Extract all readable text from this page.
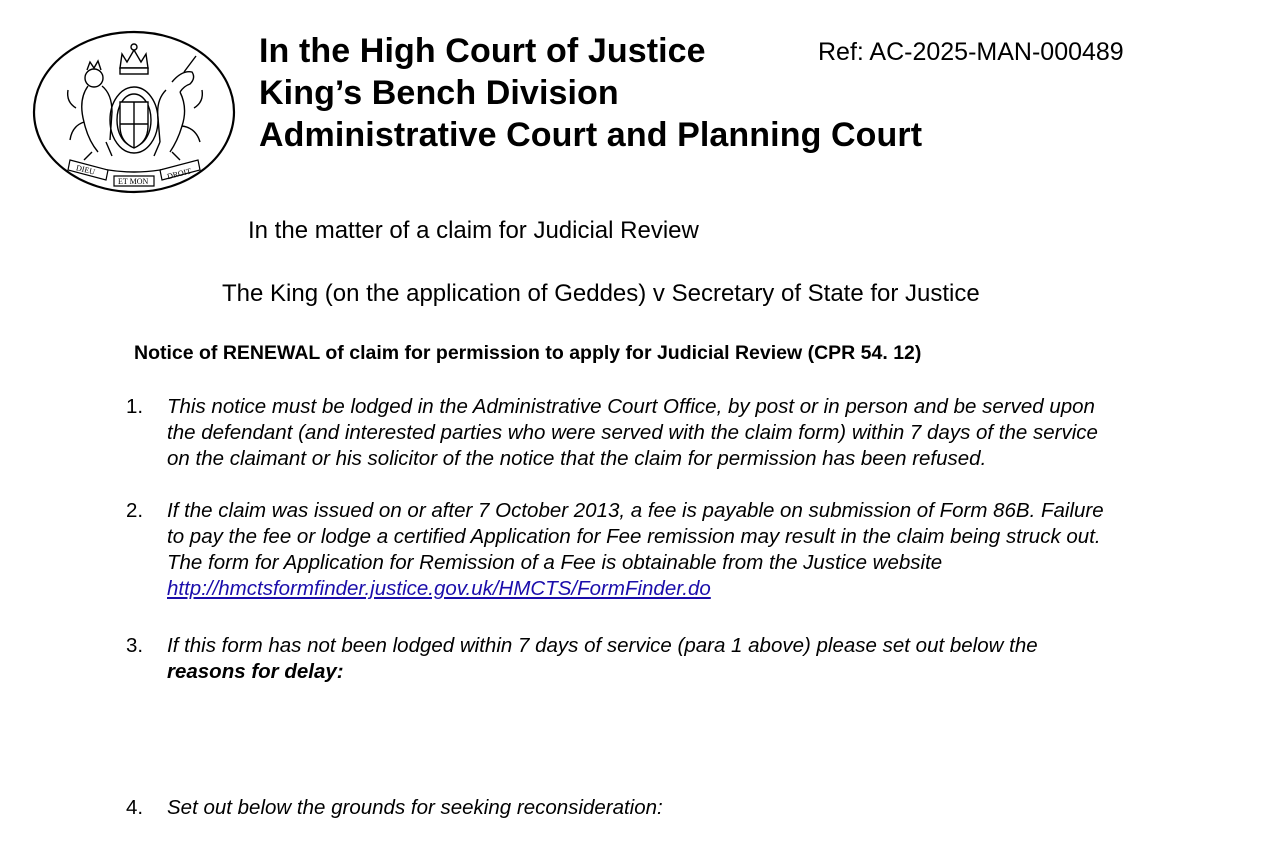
DIEU
ET MON
DROIT
In the High Court of Justice
King’s Bench Division
Administrative Court and Planning Court
Ref: AC-2025-MAN-000489
In the matter of a claim for Judicial Review
The King (on the application of Geddes) v Secretary of State for Justice
Notice of RENEWAL of claim for permission to apply for Judicial Review (CPR 54. 12)
1. This notice must be lodged in the Administrative Court Office, by post or in person and be served upon
the defendant (and interested parties who were served with the claim form) within 7 days of the service
on the claimant or his solicitor of the notice that the claim for permission has been refused.
2. If the claim was issued on or after 7 October 2013, a fee is payable on submission of Form 86B. Failure
to pay the fee or lodge a certified Application for Fee remission may result in the claim being struck out.
The form for Application for Remission of a Fee is obtainable from the Justice website
http://hmctsformfinder.justice.gov.uk/HMCTS/FormFinder.do
3. If this form has not been lodged within 7 days of service (para 1 above) please set out below the
reasons for delay:
4. Set out below the grounds for seeking reconsideration:
